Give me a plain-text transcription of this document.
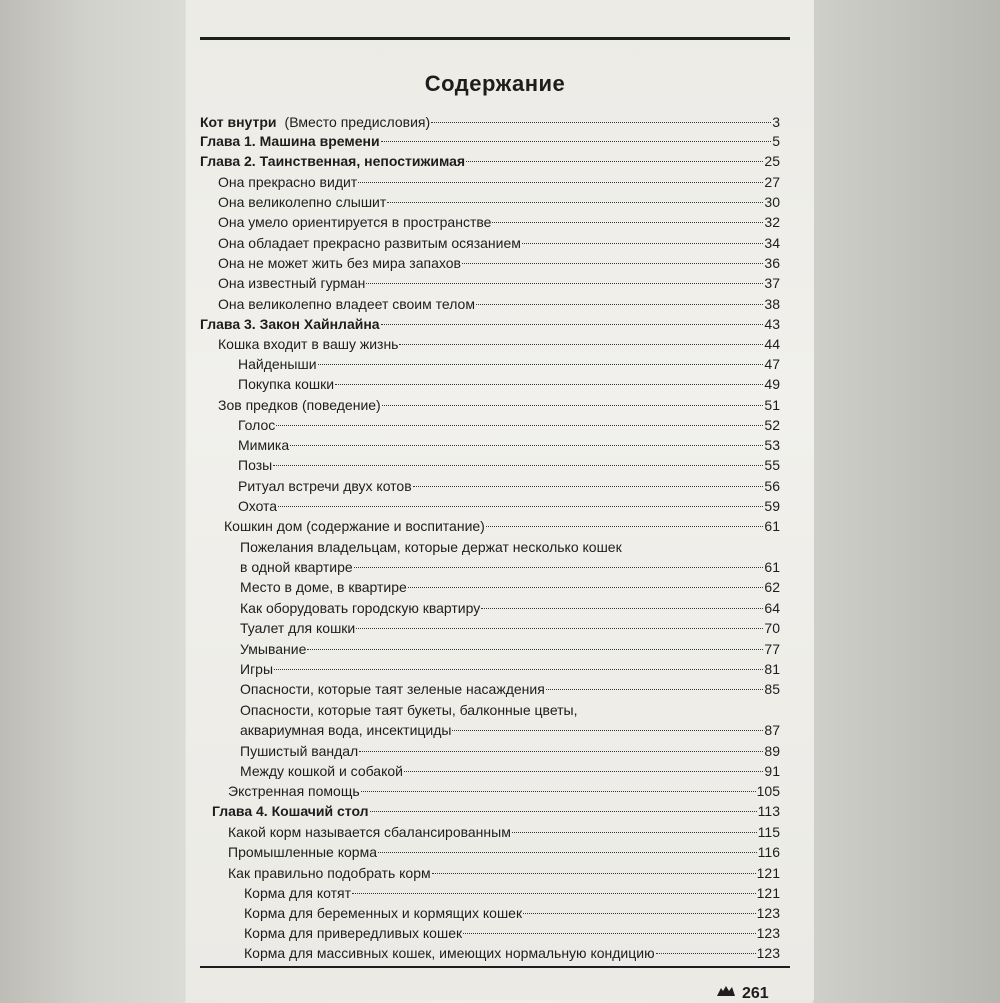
Содержание
Кот внутри (Вместо предисловия)	3
Глава 1. Машина времени	5
Глава 2. Таинственная, непостижимая	25
Она прекрасно видит	27
Она великолепно слышит	30
Она умело ориентируется в пространстве	32
Она обладает прекрасно развитым осязанием	34
Она не может жить без мира запахов	36
Она известный гурман	37
Она великолепно владеет своим телом	38
Глава 3. Закон Хайнлайна	43
Кошка входит в вашу жизнь	44
Найденыши	47
Покупка кошки	49
Зов предков (поведение)	51
Голос	52
Мимика	53
Позы	55
Ритуал встречи двух котов	56
Охота	59
Кошкин дом (содержание и воспитание)	61
Пожелания владельцам, которые держат несколько кошек
в одной квартире	61
Место в доме, в квартире	62
Как оборудовать городскую квартиру	64
Туалет для кошки	70
Умывание	77
Игры	81
Опасности, которые таят зеленые насаждения	85
Опасности, которые таят букеты, балконные цветы,
аквариумная вода, инсектициды	87
Пушистый вандал	89
Между кошкой и собакой	91
Экстренная помощь	105
Глава 4. Кошачий стол	113
Какой корм называется сбалансированным	115
Промышленные корма	116
Как правильно подобрать корм	121
Корма для котят	121
Корма для беременных и кормящих кошек	123
Корма для привередливых кошек	123
Корма для массивных кошек, имеющих нормальную кондицию	123
261
